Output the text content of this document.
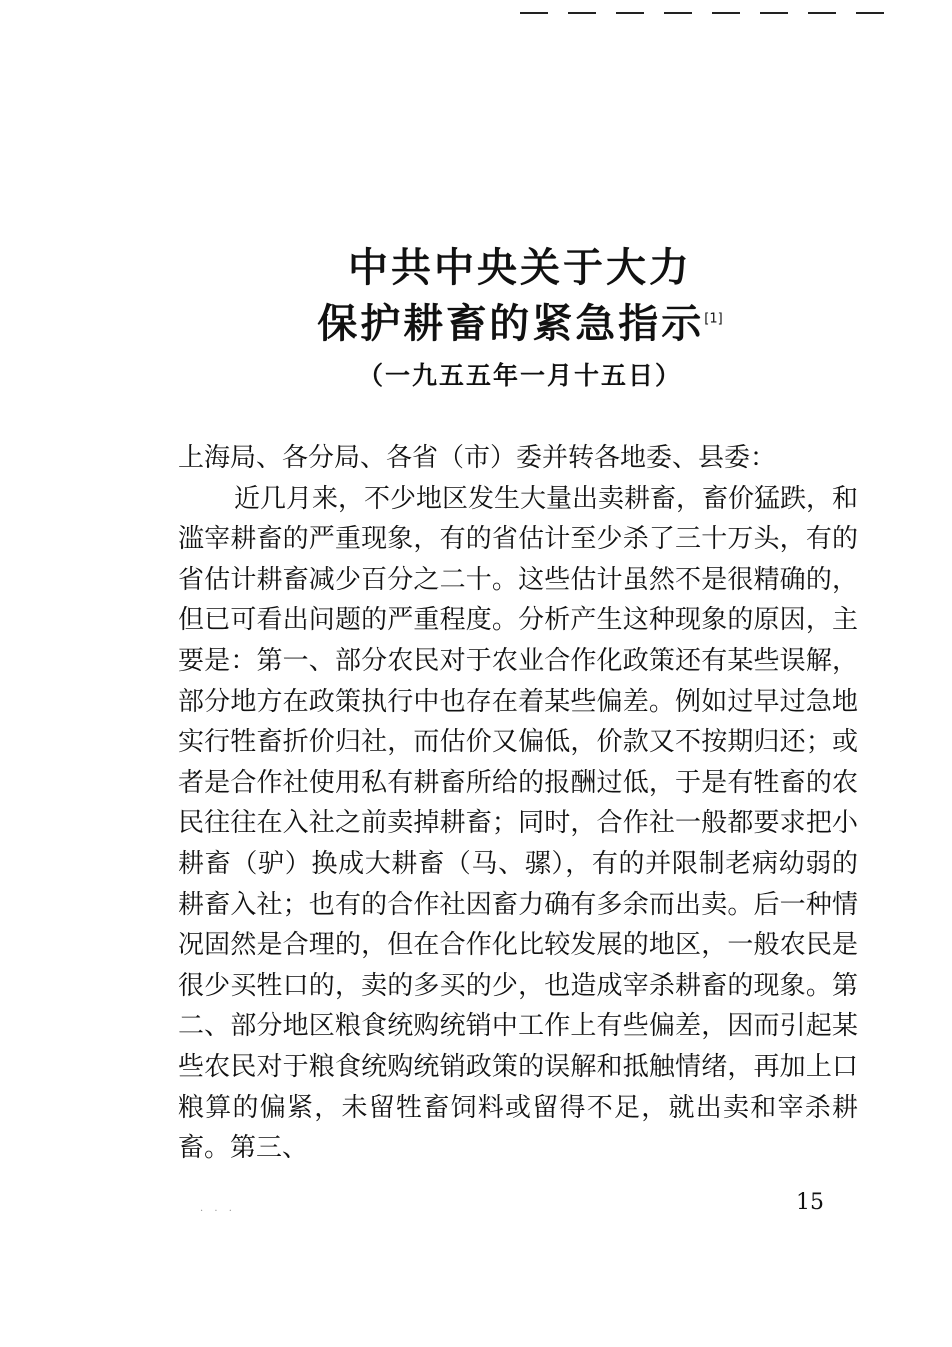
中共中央关于大力
保护耕畜的紧急指示[1]
（一九五五年一月十五日）

上海局、各分局、各省（市）委并转各地委、县委：

近几月来，不少地区发生大量出卖耕畜，畜价猛跌，和滥宰耕畜的严重现象，有的省估计至少杀了三十万头，有的省估计耕畜减少百分之二十。这些估计虽然不是很精确的，但已可看出问题的严重程度。分析产生这种现象的原因，主要是：第一、部分农民对于农业合作化政策还有某些误解，部分地方在政策执行中也存在着某些偏差。例如过早过急地实行牲畜折价归社，而估价又偏低，价款又不按期归还；或者是合作社使用私有耕畜所给的报酬过低，于是有牲畜的农民往往在入社之前卖掉耕畜；同时，合作社一般都要求把小耕畜（驴）换成大耕畜（马、骡），有的并限制老病幼弱的耕畜入社；也有的合作社因畜力确有多余而出卖。后一种情况固然是合理的，但在合作化比较发展的地区，一般农民是很少买牲口的，卖的多买的少，也造成宰杀耕畜的现象。第二、部分地区粮食统购统销中工作上有些偏差，因而引起某些农民对于粮食统购统销政策的误解和抵触情绪，再加上口粮算的偏紧，未留牲畜饲料或留得不足，就出卖和宰杀耕畜。第三、

· · ·	15
